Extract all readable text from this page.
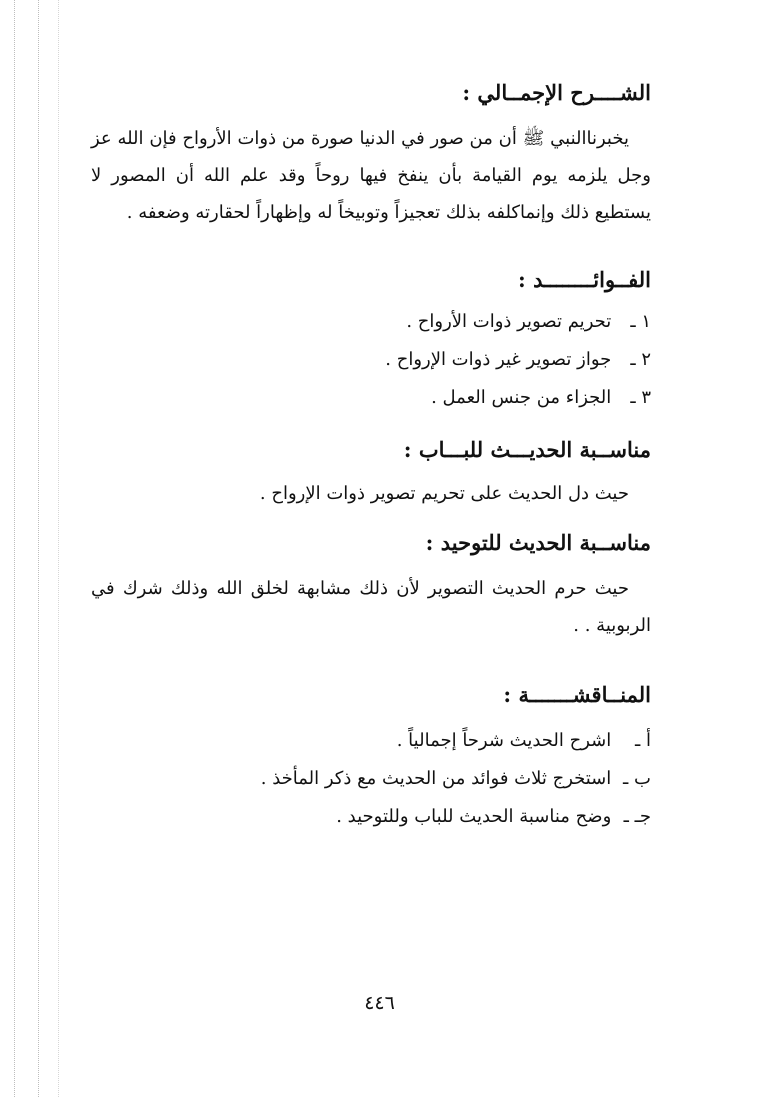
الشــــرح الإجمــالي :

يخبرناالنبي ﷺ أن من صور في الدنيا صورة من ذوات الأرواح فإن الله عز وجل يلزمه يوم القيامة بأن ينفخ فيها روحاً وقد علم الله أن المصور لا يستطيع ذلك وإنماكلفه بذلك تعجيزاً وتوبيخاً له وإظهاراً لحقارته وضعفه .

الفــوائــــــــد :

١ ـ تحريم تصوير ذوات الأرواح .

٢ ـ جواز تصوير غير ذوات الإرواح .

٣ ـ الجزاء من جنس العمل .

مناســبة الحديـــث للبـــاب :

حيث دل الحديث على تحريم تصوير ذوات الإرواح .

مناســبة الحديث للتوحيد :

حيث حرم الحديث التصوير لأن ذلك مشابهة لخلق الله وذلك شرك في الربوبية . .

المنــاقشـــــــة :

أ ـ اشرح الحديث شرحاً إجمالياً .

ب ـ استخرج ثلاث فوائد من الحديث مع ذكر المأخذ .

جـ ـ وضح مناسبة الحديث للباب وللتوحيد .

٤٤٦
